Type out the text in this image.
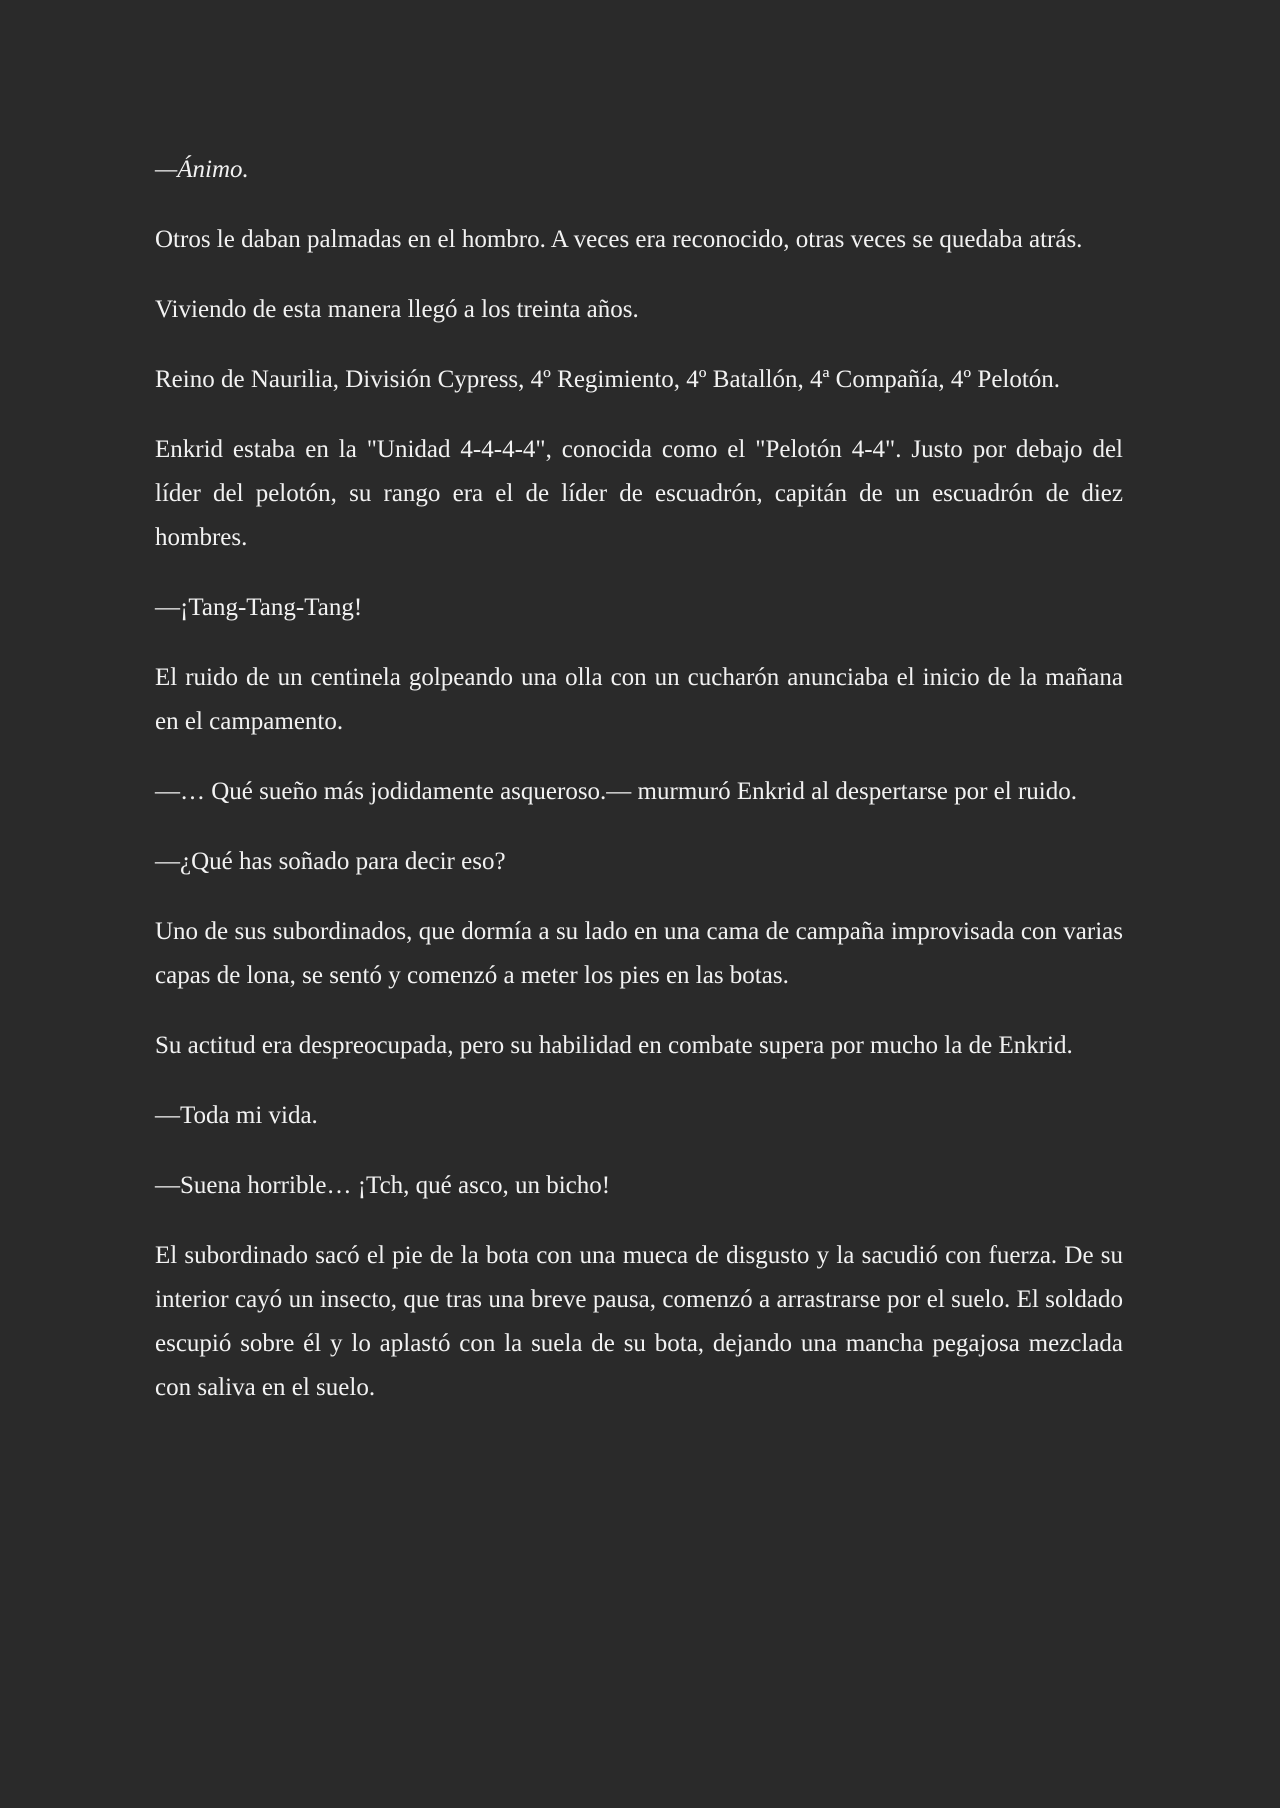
—Ánimo.

Otros le daban palmadas en el hombro. A veces era reconocido, otras veces se quedaba atrás.

Viviendo de esta manera llegó a los treinta años.

Reino de Naurilia, División Cypress, 4º Regimiento, 4º Batallón, 4ª Compañía, 4º Pelotón.

Enkrid estaba en la "Unidad 4-4-4-4", conocida como el "Pelotón 4-4". Justo por debajo del líder del pelotón, su rango era el de líder de escuadrón, capitán de un escuadrón de diez hombres.

—¡Tang-Tang-Tang!

El ruido de un centinela golpeando una olla con un cucharón anunciaba el inicio de la mañana en el campamento.

—… Qué sueño más jodidamente asqueroso.— murmuró Enkrid al despertarse por el ruido.

—¿Qué has soñado para decir eso?

Uno de sus subordinados, que dormía a su lado en una cama de campaña improvisada con varias capas de lona, se sentó y comenzó a meter los pies en las botas.

Su actitud era despreocupada, pero su habilidad en combate supera por mucho la de Enkrid.

—Toda mi vida.

—Suena horrible… ¡Tch, qué asco, un bicho!

El subordinado sacó el pie de la bota con una mueca de disgusto y la sacudió con fuerza. De su interior cayó un insecto, que tras una breve pausa, comenzó a arrastrarse por el suelo. El soldado escupió sobre él y lo aplastó con la suela de su bota, dejando una mancha pegajosa mezclada con saliva en el suelo.
